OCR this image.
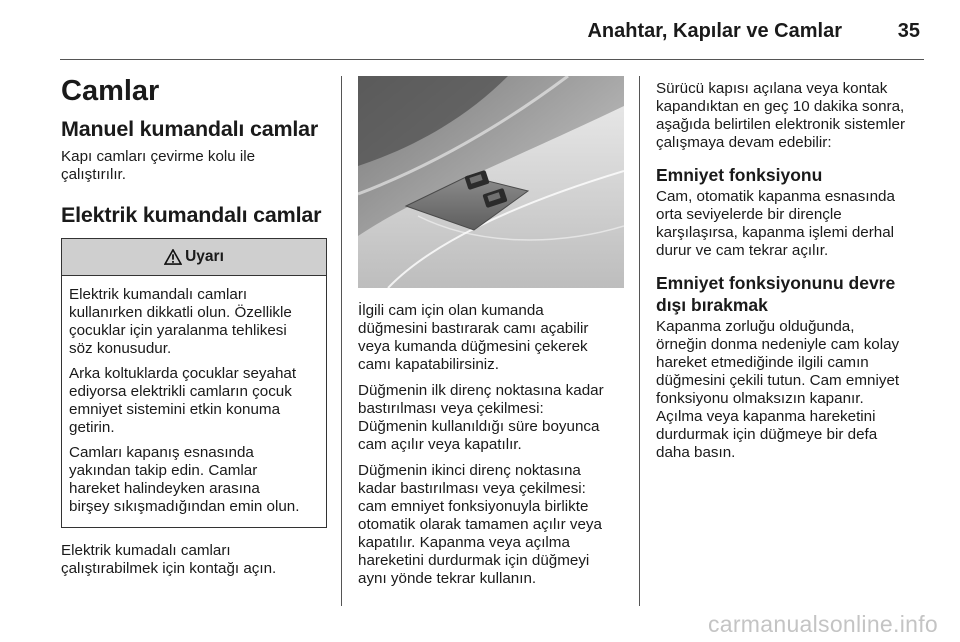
Anahtar, Kapılar ve Camlar	35
Camlar
Manuel kumandalı camlar

Kapı camları çevirme kolu ile
çalıştırılır.

Elektrik kumandalı camlar
Uyarı

Elektrik kumandalı camları
kullanırken dikkatli olun. Özellikle
çocuklar için yaralanma tehlikesi
söz konusudur.

Arka koltuklarda çocuklar seyahat
ediyorsa elektrikli camların çocuk
emniyet sistemini etkin konuma
getirin.

Camları kapanış esnasında
yakından takip edin. Camlar
hareket halindeyken arasına
birşey sıkışmadığından emin olun.

Elektrik kumadalı camları
çalıştırabilmek için kontağı açın.

İlgili cam için olan kumanda
düğmesini bastırarak camı açabilir
veya kumanda düğmesini çekerek
camı kapatabilirsiniz.

Düğmenin ilk direnç noktasına kadar
bastırılması veya çekilmesi:
Düğmenin kullanıldığı süre boyunca
cam açılır veya kapatılır.

Düğmenin ikinci direnç noktasına
kadar bastırılması veya çekilmesi:
cam emniyet fonksiyonuyla birlikte
otomatik olarak tamamen açılır veya
kapatılır. Kapanma veya açılma
hareketini durdurmak için düğmeyi
aynı yönde tekrar kullanın.

Sürücü kapısı açılana veya kontak
kapandıktan en geç 10 dakika sonra,
aşağıda belirtilen elektronik sistemler
çalışmaya devam edebilir:

Emniyet fonksiyonu

Cam, otomatik kapanma esnasında
orta seviyelerde bir dirençle
karşılaşırsa, kapanma işlemi derhal
durur ve cam tekrar açılır.

Emniyet fonksiyonunu devre
dışı bırakmak

Kapanma zorluğu olduğunda,
örneğin donma nedeniyle cam kolay
hareket etmediğinde ilgili camın
düğmesini çekili tutun. Cam emniyet
fonksiyonu olmaksızın kapanır.
Açılma veya kapanma hareketini
durdurmak için düğmeye bir defa
daha basın.

carmanualsonline.info
